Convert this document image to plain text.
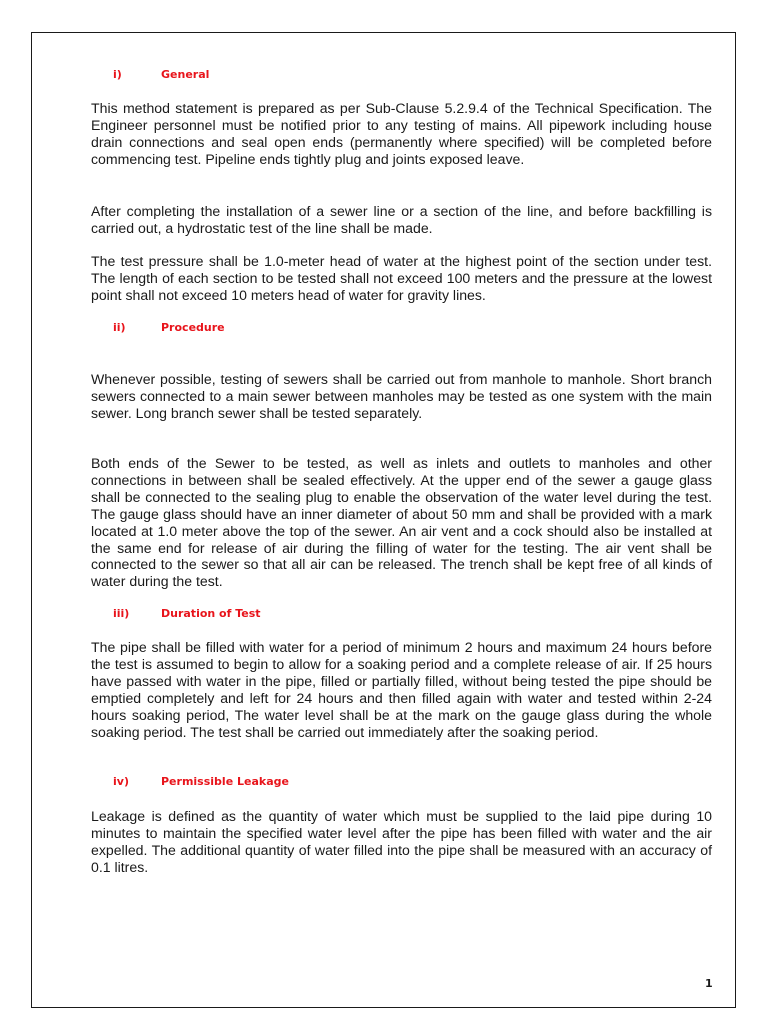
i)	General

This method statement is prepared as per Sub-Clause 5.2.9.4 of the Technical Specification. The Engineer personnel must be notified prior to any testing of mains. All pipework including house drain connections and seal open ends (permanently where specified) will be completed before commencing test. Pipeline ends tightly plug and joints exposed leave.

After completing the installation of a sewer line or a section of the line, and before backfilling is carried out, a hydrostatic test of the line shall be made.

The test pressure shall be 1.0-meter head of water at the highest point of the section under test. The length of each section to be tested shall not exceed 100 meters and the pressure at the lowest point shall not exceed 10 meters head of water for gravity lines.

ii)	Procedure

Whenever possible, testing of sewers shall be carried out from manhole to manhole. Short branch sewers connected to a main sewer between manholes may be tested as one system with the main sewer. Long branch sewer shall be tested separately.

Both ends of the Sewer to be tested, as well as inlets and outlets to manholes and other connections in between shall be sealed effectively. At the upper end of the sewer a gauge glass shall be connected to the sealing plug to enable the observation of the water level during the test. The gauge glass should have an inner diameter of about 50 mm and shall be provided with a mark located at 1.0 meter above the top of the sewer. An air vent and a cock should also be installed at the same end for release of air during the filling of water for the testing. The air vent shall be connected to the sewer so that all air can be released. The trench shall be kept free of all kinds of water during the test.

iii)	Duration of Test

The pipe shall be filled with water for a period of minimum 2 hours and maximum 24 hours before the test is assumed to begin to allow for a soaking period and a complete release of air. If 25 hours have passed with water in the pipe, filled or partially filled, without being tested the pipe should be emptied completely and left for 24 hours and then filled again with water and tested within 2-24 hours soaking period, The water level shall be at the mark on the gauge glass during the whole soaking period. The test shall be carried out immediately after the soaking period.

iv)	Permissible Leakage

Leakage is defined as the quantity of water which must be supplied to the laid pipe during 10 minutes to maintain the specified water level after the pipe has been filled with water and the air expelled. The additional quantity of water filled into the pipe shall be measured with an accuracy of 0.1 litres.

1
